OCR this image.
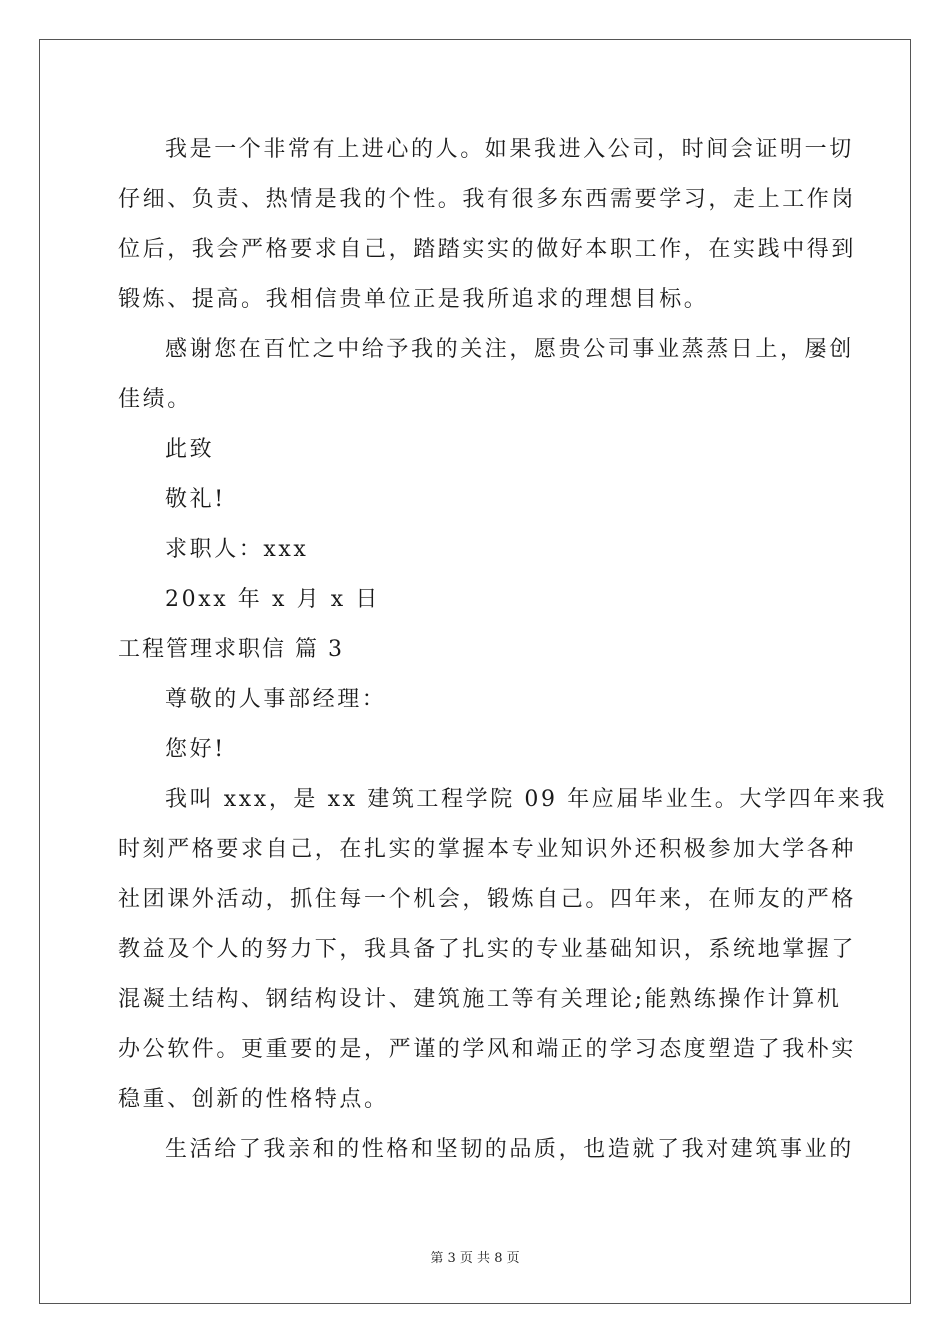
我是一个非常有上进心的人。如果我进入公司，时间会证明一切
仔细、负责、热情是我的个性。我有很多东西需要学习，走上工作岗
位后，我会严格要求自己，踏踏实实的做好本职工作，在实践中得到
锻炼、提高。我相信贵单位正是我所追求的理想目标。
感谢您在百忙之中给予我的关注，愿贵公司事业蒸蒸日上，屡创
佳绩。
此致
敬礼!
求职人：xxx
20xx 年 x 月 x 日
工程管理求职信 篇 3
尊敬的人事部经理：
您好!
我叫 xxx，是 xx 建筑工程学院 09 年应届毕业生。大学四年来我
时刻严格要求自己，在扎实的掌握本专业知识外还积极参加大学各种
社团课外活动，抓住每一个机会，锻炼自己。四年来，在师友的严格
教益及个人的努力下，我具备了扎实的专业基础知识，系统地掌握了
混凝土结构、钢结构设计、建筑施工等有关理论;能熟练操作计算机
办公软件。更重要的是，严谨的学风和端正的学习态度塑造了我朴实
稳重、创新的性格特点。
生活给了我亲和的性格和坚韧的品质，也造就了我对建筑事业的
第 3 页 共 8 页
